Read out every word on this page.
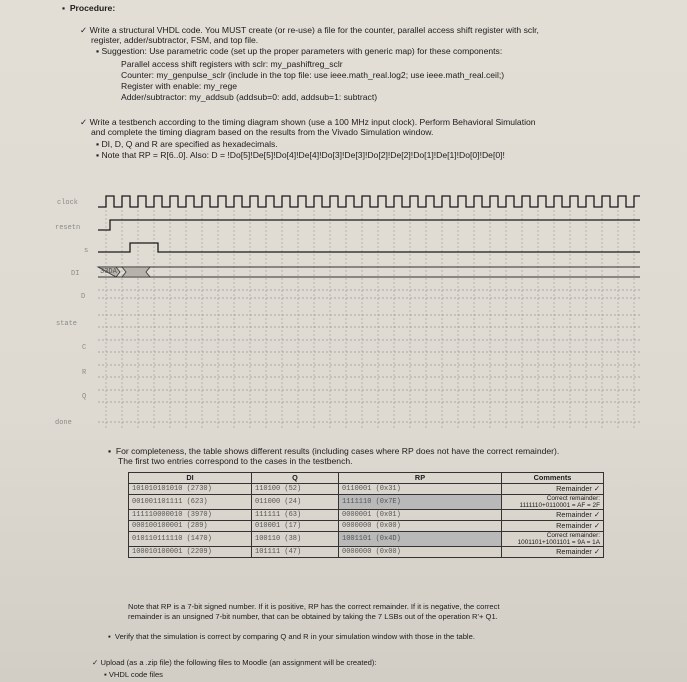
▪  Procedure:
✓ Write a structural VHDL code. You MUST create (or re-use) a file for the counter, parallel access shift register with sclr,
register, adder/subtractor, FSM, and top file.
▪ Suggestion: Use parametric code (set up the proper parameters with generic map) for these components:
Parallel access shift registers with sclr: my_pashiftreg_sclr
Counter: my_genpulse_sclr (include in the top file: use ieee.math_real.log2; use ieee.math_real.ceil;)
Register with enable: my_rege
Adder/subtractor: my_addsub (addsub=0: add, addsub=1: subtract)
✓ Write a testbench according to the timing diagram shown (use a 100 MHz input clock). Perform Behavioral Simulation
and complete the timing diagram based on the results from the Vivado Simulation window.
▪ DI, D, Q and R are specified as hexadecimals.
▪ Note that RP = R[6..0]. Also: D = !Do[5]!De[5]!Do[4]!De[4]!Do[3]!De[3]!Do[2]!De[2]!Do[1]!De[1]!Do[0]!De[0]!
clock
resetn
s
DI
D
state
C
R
Q
done
33DA
▪  For completeness, the table shows different results (including cases where RP does not have the correct remainder).
The first two entries correspond to the cases in the testbench.
DI	Q	RP	Comments
101010101010 (2730)	110100 (52)	0110001 (0x31)	Remainder ✓
001001101111 (623)	011000 (24)	1111110 (0x7E)	Correct remainder: 1111110+0110001 = AF = 2F
111110000010 (3970)	111111 (63)	0000001 (0x01)	Remainder ✓
000100100001 (289)	010001 (17)	0000000 (0x00)	Remainder ✓
010110111110 (1470)	100110 (38)	1001101 (0x4D)	Correct remainder: 1001101+1001101 = 9A = 1A
100010100001 (2209)	101111 (47)	0000000 (0x00)	Remainder ✓
Note that RP is a 7-bit signed number. If it is positive, RP has the correct remainder. If it is negative, the correct
remainder is an unsigned 7-bit number, that can be obtained by taking the 7 LSBs out of the operation R'+ Q1.
▪  Verify that the simulation is correct by comparing Q and R in your simulation window with those in the table.
✓ Upload (as a .zip file) the following files to Moodle (an assignment will be created):
▪ VHDL code files
